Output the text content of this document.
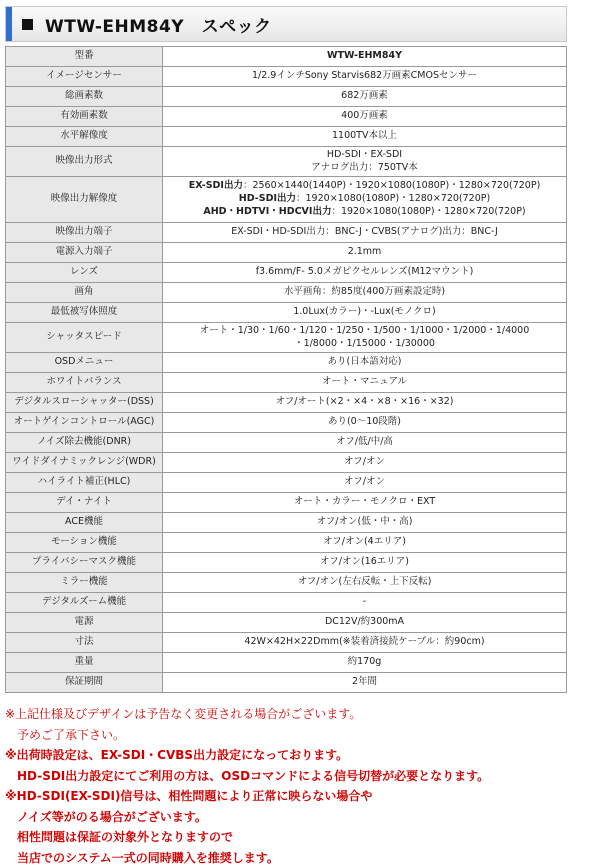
WTW-EHM84Y　スペック
型番	WTW-EHM84Y
イメージセンサー	1/2.9インチSony Starvis682万画素CMOSセンサー
総画素数	682万画素
有効画素数	400万画素
水平解像度	1100TV本以上
映像出力形式	HD-SDI・EX-SDI
アナログ出力：750TV本

映像出力解像度	EX-SDI出力：2560×1440(1440P)・1920×1080(1080P)・1280×720(720P)
HD-SDI出力：1920×1080(1080P)・1280×720(720P)
AHD・HDTVI・HDCVI出力：1920×1080(1080P)・1280×720(720P)

映像出力端子	EX-SDI・HD-SDI出力：BNC-J・CVBS(アナログ)出力：BNC-J
電源入力端子	2.1mm
レンズ	f3.6mm/F- 5.0メガピクセルレンズ(M12マウント)
画角	水平画角：約85度(400万画素設定時)
最低被写体照度	1.0Lux(カラー)・-Lux(モノクロ)
シャッタスピード	オート・1/30・1/60・1/120・1/250・1/500・1/1000・1/2000・1/4000
・1/8000・1/15000・1/30000

OSDメニュー	あり(日本語対応)
ホワイトバランス	オート・マニュアル
デジタルスローシャッター(DSS)	オフ/オート(×2・×4・×8・×16・×32)
オートゲインコントロール(AGC)	あり(0〜10段階)
ノイズ除去機能(DNR)	オフ/低/中/高
ワイドダイナミックレンジ(WDR)	オフ/オン
ハイライト補正(HLC)	オフ/オン
デイ・ナイト	オート・カラー・モノクロ・EXT
ACE機能	オフ/オン(低・中・高)
モーション機能	オフ/オン(4エリア)
プライバシーマスク機能	オフ/オン(16エリア)
ミラー機能	オフ/オン(左右反転・上下反転)
デジタルズーム機能	-
電源	DC12V/約300mA
寸法	42W×42H×22Dmm(※装着済接続ケーブル：約90cm)
重量	約170g
保証期間	2年間
※上記仕様及びデザインは予告なく変更される場合がございます。
予めご了承下さい。
※出荷時設定は、EX-SDI・CVBS出力設定になっております。
HD-SDI出力設定にてご利用の方は、OSDコマンドによる信号切替が必要となります。
※HD-SDI(EX-SDI)信号は、相性問題により正常に映らない場合や
ノイズ等がのる場合がございます。
相性問題は保証の対象外となりますので
当店でのシステム一式の同時購入を推奨します。
